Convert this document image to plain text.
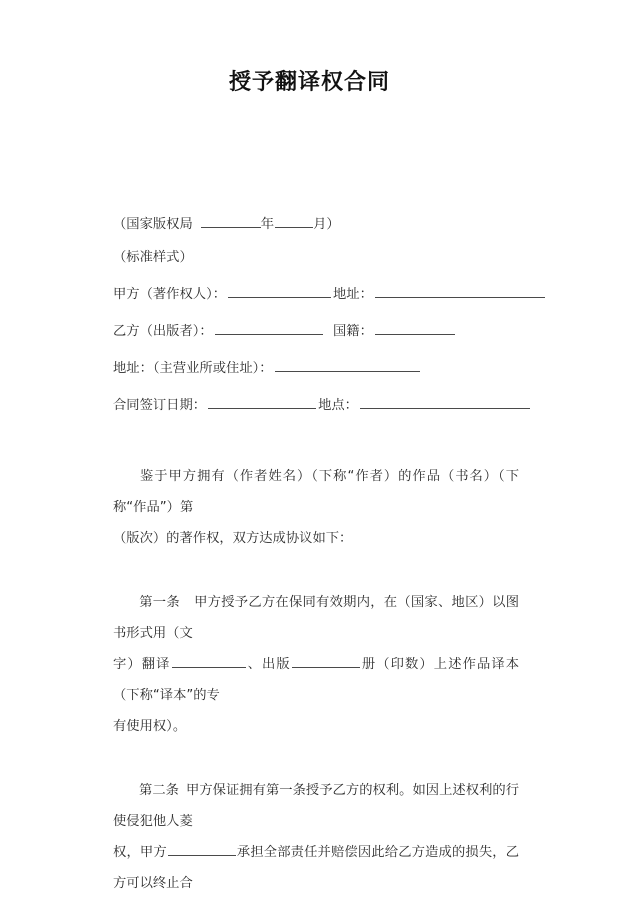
授予翻译权合同
（国家版权局	年	月）
（标准样式）
甲方（著作权人）：	地址：
乙方（出版者）：	国籍：
地址：（主营业所或住址）：
合同签订日期：	地点：
鉴于甲方拥有（作者姓名）（下称“作者）的作品（书名）（下称“作品”）第
（版次）的著作权，双方达成协议如下：
第一条 甲方授予乙方在保同有效期内，在（国家、地区）以图书形式用（文
字）翻译	、出版	册（印数）上述作品译本（下称“译本”的专
有使用权）。
第二条 甲方保证拥有第一条授予乙方的权利。如因上述权利的行使侵犯他人菱
权，甲方	承担全部责任并赔偿因此给乙方造成的损失，乙方可以终止合
